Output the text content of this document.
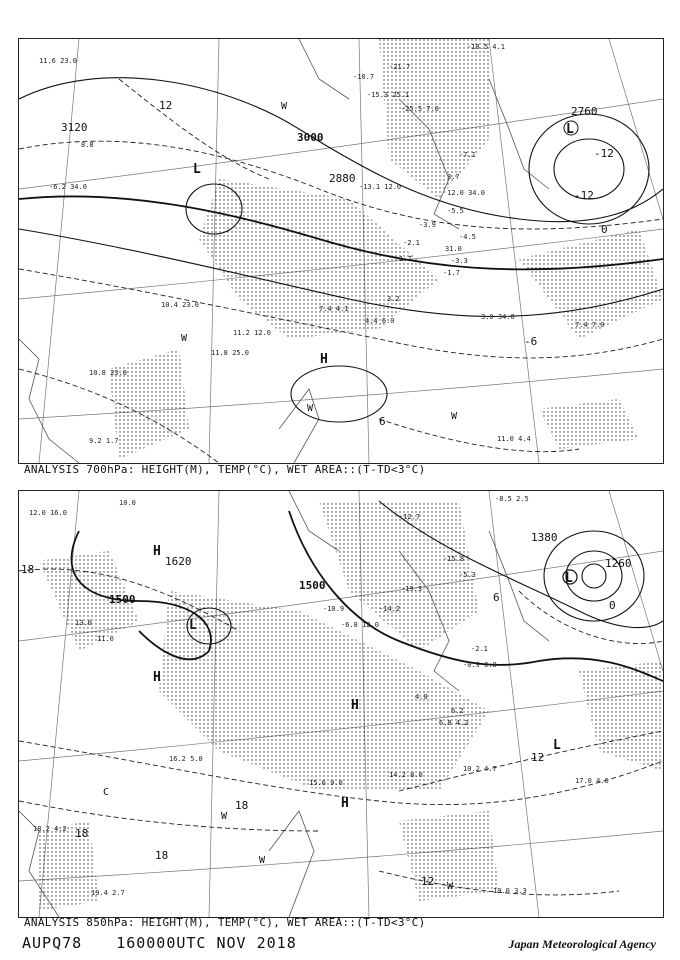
3120
3000
2880
2760
-12
12
0
-6
6
-12
L
L
H
W
W
W
W
11.6 23.0
8.8
-6.2 34.0
-10.7
-15.3 25.1
-18.5 4.1
-21.7
-25.5 7.0
-13.1 12.0
-7.1
-5.5
-3.9
-4.5
-2.1
-3.3
-1.7
3.2
12.0 34.0
3.7
1.7
3.0 34.0
7.4 7.0
11.2 12.0
11.8 25.0
10.4 23.0
10.8 23.0
9.2 1.7	11.0 4.4
4.4 6.0
7.4 4.1
31.0
ANALYSIS 700hPa: HEIGHT(M), TEMP(°C), WET AREA::(T-TD<3°C)
1620
1500
1500
1380
1260
18
18
18
18
12
12
0
6
H
L
H
H
L
H
L
W
W
W
C
12.0 16.0
10.0	-8.5 2.5
-12.7
-15.8
-19.3
-14.2
-10.9
-6.8 12.0
-5.3
-2.1
-0.9 0.8
4.0
6.2
6.8 4.2
10.2 4.7
14.2 8.0
15.6 9.0	17.0 4.6
19.0 3.3
16.2 5.0
18.2 4.2
19.4 2.7
13.0
11.0
ANALYSIS 850hPa: HEIGHT(M), TEMP(°C), WET AREA::(T-TD<3°C)
AUPQ78 160000UTC NOV 2018	Japan Meteorological Agency
